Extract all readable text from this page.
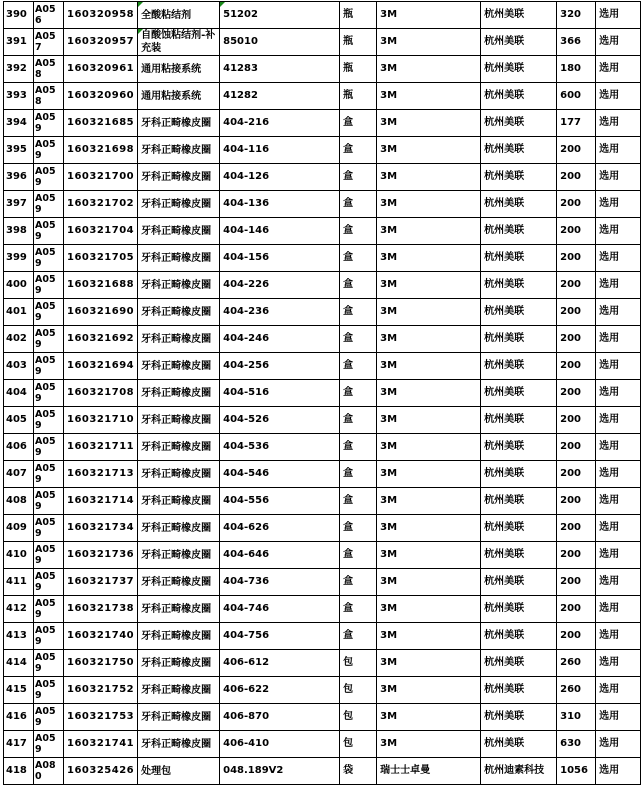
390	A056	160320958	全酸粘结剂	51202	瓶	3M	杭州美联	320	选用
391	A057	160320957	自酸蚀粘结剂-补充装	85010	瓶	3M	杭州美联	366	选用
392	A058	160320961	通用粘接系统	41283	瓶	3M	杭州美联	180	选用
393	A058	160320960	通用粘接系统	41282	瓶	3M	杭州美联	600	选用
394	A059	160321685	牙科正畸橡皮圈	404-216	盒	3M	杭州美联	177	选用
395	A059	160321698	牙科正畸橡皮圈	404-116	盒	3M	杭州美联	200	选用
396	A059	160321700	牙科正畸橡皮圈	404-126	盒	3M	杭州美联	200	选用
397	A059	160321702	牙科正畸橡皮圈	404-136	盒	3M	杭州美联	200	选用
398	A059	160321704	牙科正畸橡皮圈	404-146	盒	3M	杭州美联	200	选用
399	A059	160321705	牙科正畸橡皮圈	404-156	盒	3M	杭州美联	200	选用
400	A059	160321688	牙科正畸橡皮圈	404-226	盒	3M	杭州美联	200	选用
401	A059	160321690	牙科正畸橡皮圈	404-236	盒	3M	杭州美联	200	选用
402	A059	160321692	牙科正畸橡皮圈	404-246	盒	3M	杭州美联	200	选用
403	A059	160321694	牙科正畸橡皮圈	404-256	盒	3M	杭州美联	200	选用
404	A059	160321708	牙科正畸橡皮圈	404-516	盒	3M	杭州美联	200	选用
405	A059	160321710	牙科正畸橡皮圈	404-526	盒	3M	杭州美联	200	选用
406	A059	160321711	牙科正畸橡皮圈	404-536	盒	3M	杭州美联	200	选用
407	A059	160321713	牙科正畸橡皮圈	404-546	盒	3M	杭州美联	200	选用
408	A059	160321714	牙科正畸橡皮圈	404-556	盒	3M	杭州美联	200	选用
409	A059	160321734	牙科正畸橡皮圈	404-626	盒	3M	杭州美联	200	选用
410	A059	160321736	牙科正畸橡皮圈	404-646	盒	3M	杭州美联	200	选用
411	A059	160321737	牙科正畸橡皮圈	404-736	盒	3M	杭州美联	200	选用
412	A059	160321738	牙科正畸橡皮圈	404-746	盒	3M	杭州美联	200	选用
413	A059	160321740	牙科正畸橡皮圈	404-756	盒	3M	杭州美联	200	选用
414	A059	160321750	牙科正畸橡皮圈	406-612	包	3M	杭州美联	260	选用
415	A059	160321752	牙科正畸橡皮圈	406-622	包	3M	杭州美联	260	选用
416	A059	160321753	牙科正畸橡皮圈	406-870	包	3M	杭州美联	310	选用
417	A059	160321741	牙科正畸橡皮圈	406-410	包	3M	杭州美联	630	选用
418	A080	160325426	处理包	048.189V2	袋	瑞士士卓曼	杭州迪素科技	1056	选用
